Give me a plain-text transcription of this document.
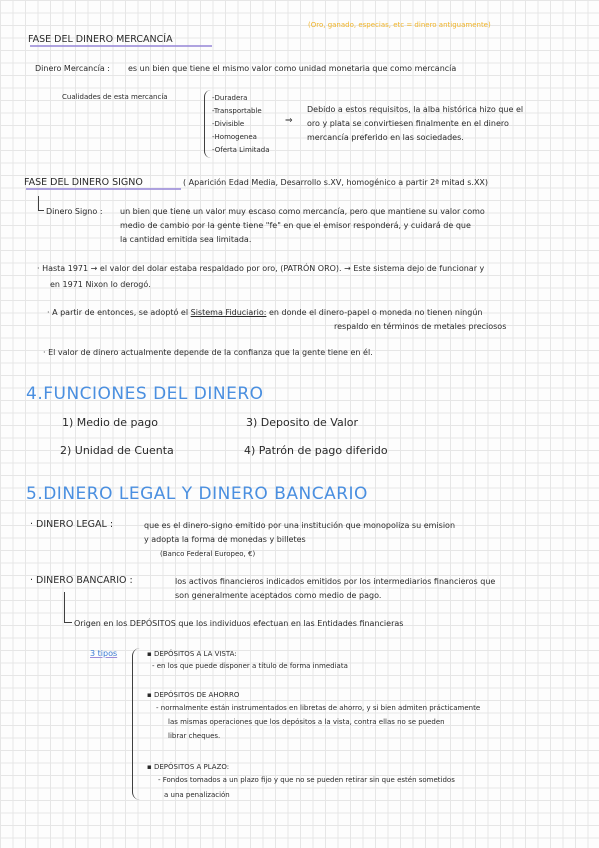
(Oro, ganado, especias, etc = dinero antiguamente)
FASE DEL DINERO MERCANCÍA
Dinero Mercancía : es un bien que tiene el mismo valor como unidad monetaria que como mercancía
Cualidades de esta mercancía	-Duradera
-Transportable
-Divisible
-Homogenea
-Oferta Limitada
⇒
Debido a estos requisitos, la alba histórica hizo que el
oro y plata se convirtiesen finalmente en el dinero
mercancía preferido en las sociedades.
FASE DEL DINERO SIGNO	( Aparición Edad Media, Desarrollo s.XV, homogénico a partir 2ª mitad s.XX)
Dinero Signo : un bien que tiene un valor muy escaso como mercancía, pero que mantiene su valor como
medio de cambio por la gente tiene "fe" en que el emisor responderá, y cuidará de que
la cantidad emitida sea limitada.
· Hasta 1971 → el valor del dolar estaba respaldado por oro, (PATRÓN ORO). → Este sistema dejo de funcionar y
en 1971 Nixon lo derogó.
· A partir de entonces, se adoptó el Sistema Fiduciario: en donde el dinero-papel o moneda no tienen ningún
respaldo en términos de metales preciosos
· El valor de dinero actualmente depende de la confianza que la gente tiene en él.
4.FUNCIONES DEL DINERO
1) Medio de pago
2) Unidad de Cuenta
3) Deposito de Valor
4) Patrón de pago diferido
5.DINERO LEGAL Y DINERO BANCARIO
· DINERO LEGAL :	que es el dinero-signo emitido por una institución que monopoliza su emision
y adopta la forma de monedas y billetes
(Banco Federal Europeo, €)
· DINERO BANCARIO :	los activos financieros indicados emitidos por los intermediarios financieros que
son generalmente aceptados como medio de pago.
Origen en los DEPÓSITOS que los individuos efectuan en las Entidades financieras
3 tipos	▪ DEPÓSITOS A LA VISTA:
- en los que puede disponer a título de forma inmediata
▪ DEPÓSITOS DE AHORRO
- normalmente están instrumentados en libretas de ahorro, y si bien admiten prácticamente
las mismas operaciones que los depósitos a la vista, contra ellas no se pueden
librar cheques.
▪ DEPÓSITOS A PLAZO:
- Fondos tomados a un plazo fijo y que no se pueden retirar sin que estén sometidos
a una penalización
